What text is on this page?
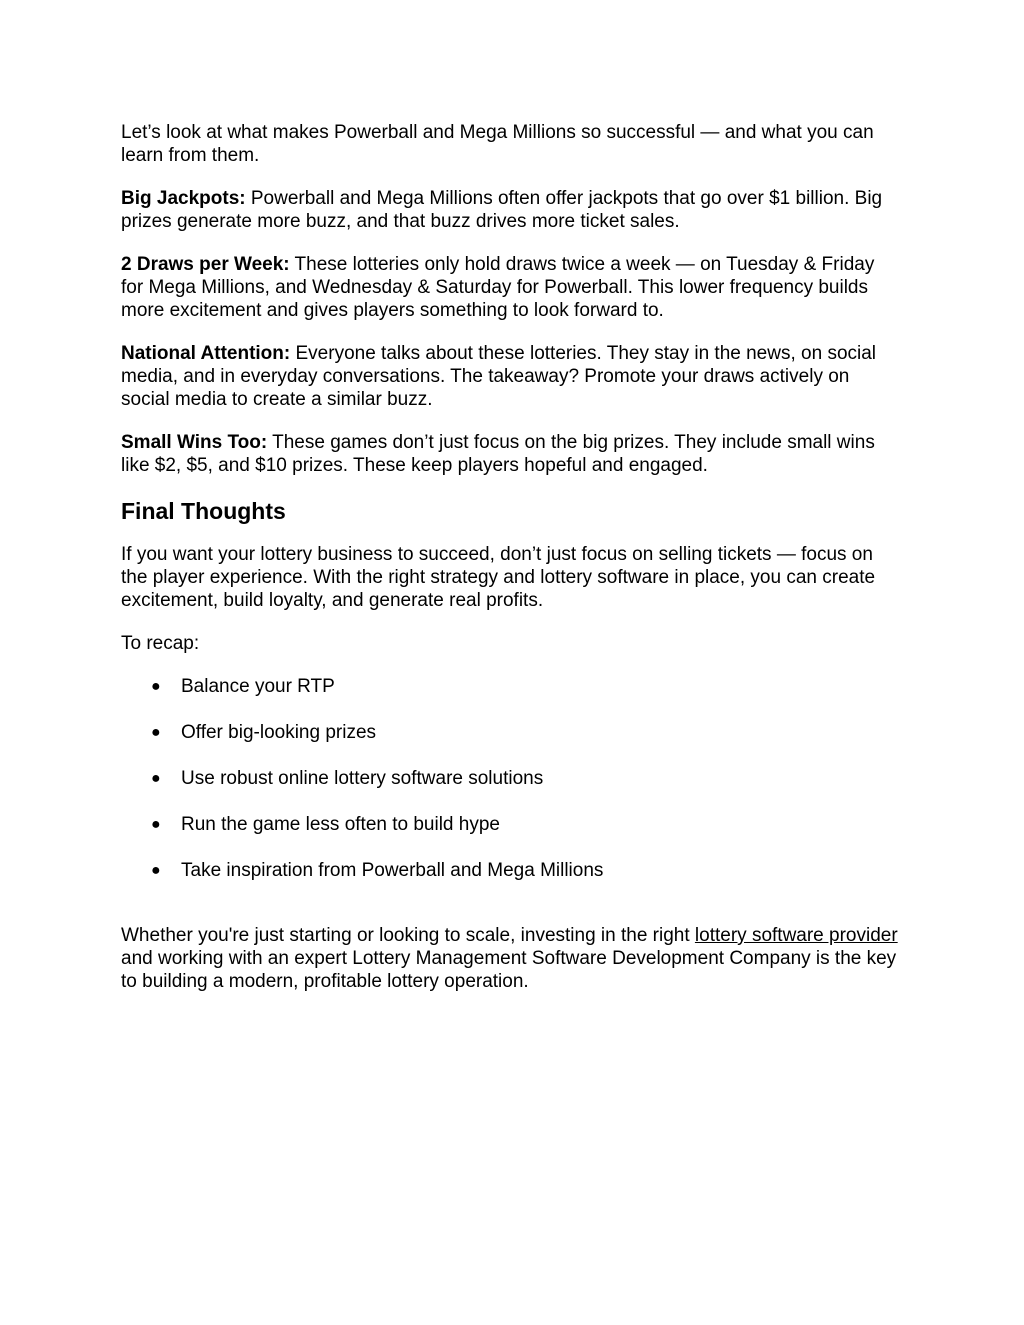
Let’s look at what makes Powerball and Mega Millions so successful — and what you can learn from them.

Big Jackpots: Powerball and Mega Millions often offer jackpots that go over $1 billion. Big prizes generate more buzz, and that buzz drives more ticket sales.

2 Draws per Week: These lotteries only hold draws twice a week — on Tuesday & Friday for Mega Millions, and Wednesday & Saturday for Powerball. This lower frequency builds more excitement and gives players something to look forward to.

National Attention: Everyone talks about these lotteries. They stay in the news, on social media, and in everyday conversations. The takeaway? Promote your draws actively on social media to create a similar buzz.

Small Wins Too: These games don’t just focus on the big prizes. They include small wins like $2, $5, and $10 prizes. These keep players hopeful and engaged.

Final Thoughts

If you want your lottery business to succeed, don’t just focus on selling tickets — focus on the player experience. With the right strategy and lottery software in place, you can create excitement, build loyalty, and generate real profits.

To recap:

● Balance your RTP
● Offer big-looking prizes
● Use robust online lottery software solutions
● Run the game less often to build hype
● Take inspiration from Powerball and Mega Millions

Whether you're just starting or looking to scale, investing in the right lottery software provider and working with an expert Lottery Management Software Development Company is the key to building a modern, profitable lottery operation.
